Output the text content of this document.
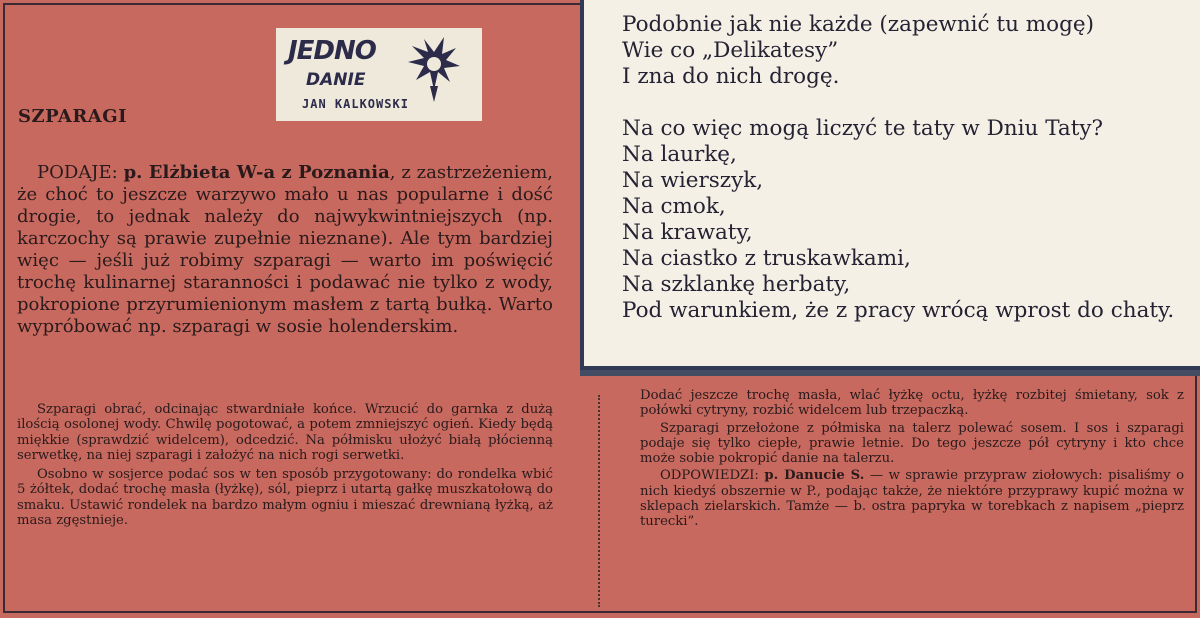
JEDNO
DANIE
JAN KALKOWSKI
SZPARAGI

PODAJE: p. Elżbieta W-a z Poznania, z zastrzeżeniem, że choć to jeszcze warzywo mało u nas popularne i dość drogie, to jednak należy do najwykwintniejszych (np. karczochy są prawie zupełnie nieznane). Ale tym bardziej więc — jeśli już robimy szparagi — warto im poświęcić trochę kulinarnej staranności i podawać nie tylko z wody, pokropione przyrumienionym masłem z tartą bułką. Warto wypróbować np. szparagi w sosie holenderskim.

Szparagi obrać, odcinając stwardniałe końce. Wrzucić do garnka z dużą ilością osolonej wody. Chwilę pogotować, a potem zmniejszyć ogień. Kiedy będą miękkie (sprawdzić widelcem), odcedzić. Na półmisku ułożyć białą płócienną serwetkę, na niej szparagi i założyć na nich rogi serwetki.

Osobno w sosjerce podać sos w ten sposób przygotowany: do rondelka wbić 5 żółtek, dodać trochę masła (łyżkę), sól, pieprz i utartą gałkę muszkatołową do smaku. Ustawić rondelek na bardzo małym ogniu i mieszać drewnianą łyżką, aż masa zgęstnieje.

Dodać jeszcze trochę masła, wlać łyżkę octu, łyżkę rozbitej śmietany, sok z połówki cytryny, rozbić widelcem lub trzepaczką.

Szparagi przełożone z półmiska na talerz polewać sosem. I sos i szparagi podaje się tylko ciepłe, prawie letnie. Do tego jeszcze pół cytryny i kto chce może sobie pokropić danie na talerzu.

ODPOWIEDZI: p. Danucie S. — w sprawie przypraw ziołowych: pisaliśmy o nich kiedyś obszernie w P., podając także, że niektóre przyprawy kupić można w sklepach zielarskich. Tamże — b. ostra papryka w torebkach z napisem „pieprz turecki”.

Podobnie jak nie każde (zapewnić tu mogę)
Wie co „Delikatesy”
I zna do nich drogę.
Na co więc mogą liczyć te taty w Dniu Taty?
Na laurkę,
Na wierszyk,
Na cmok,
Na krawaty,
Na ciastko z truskawkami,
Na szklankę herbaty,
Pod warunkiem, że z pracy wrócą wprost do chaty.
